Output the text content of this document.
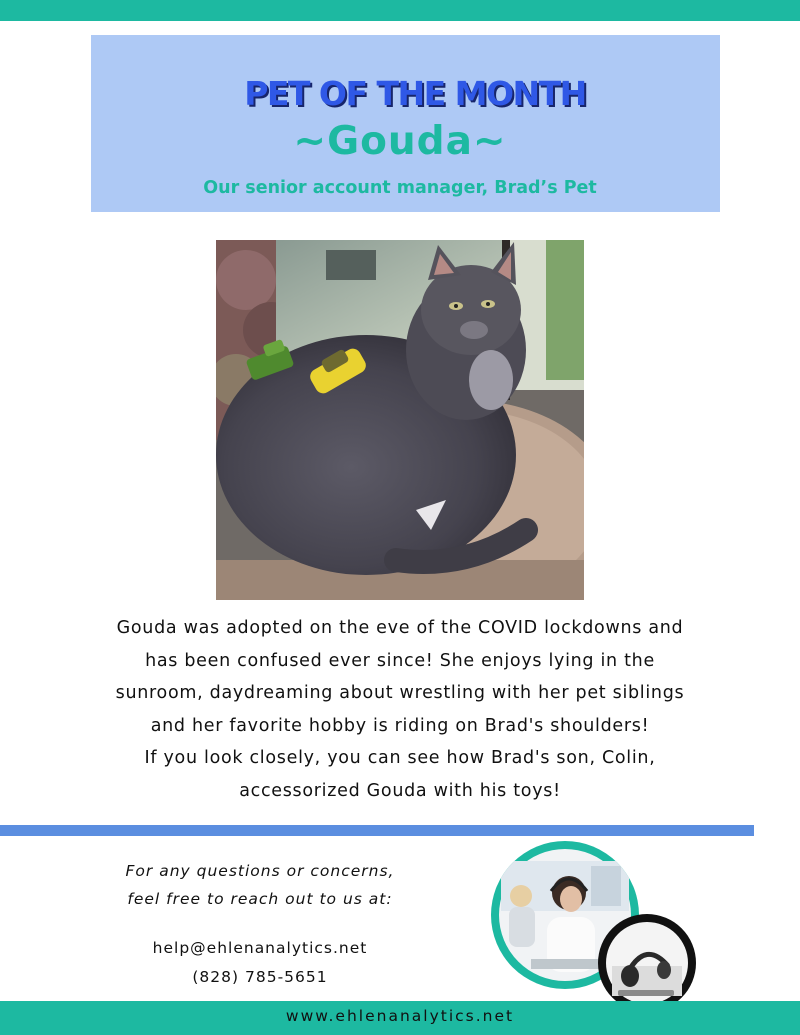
PET OF THE MONTH
~Gouda~
Our senior account manager, Brad’s Pet
Gouda was adopted on the eve of the COVID lockdowns and
has been confused ever since! She enjoys lying in the
sunroom, daydreaming about wrestling with her pet siblings
and her favorite hobby is riding on Brad's shoulders!
If you look closely, you can see how Brad's son, Colin,
accessorized Gouda with his toys!
For any questions or concerns,
feel free to reach out to us at:
help@ehlenanalytics.net
(828) 785-5651
www.ehlenanalytics.net
